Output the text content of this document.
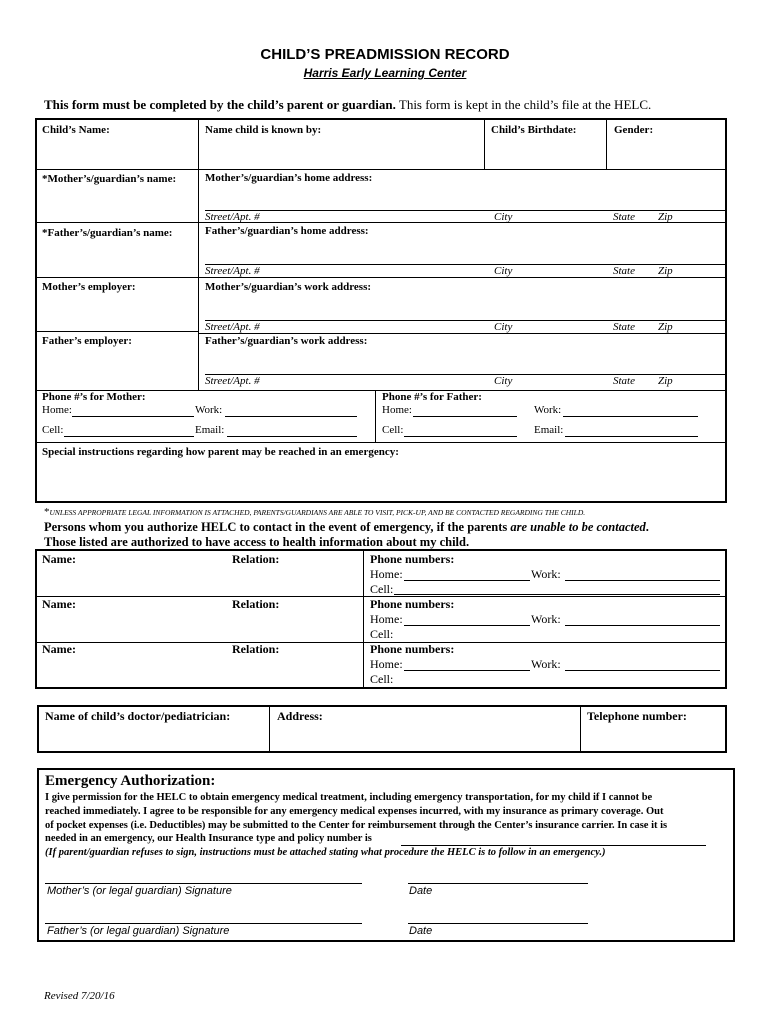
CHILD’S PREADMISSION RECORD
Harris Early Learning Center
This form must be completed by the child’s parent or guardian. This form is kept in the child’s file at the HELC.
Child’s Name:	Name child is known by:	Child’s Birthdate:	Gender:
*Mother’s/guardian’s name:	Mother’s/guardian’s home address:
Street/Apt. #	City	State Zip
*Father’s/guardian’s name:	Father’s/guardian’s home address:
Street/Apt. #	City	State Zip
Mother’s employer:	Mother’s/guardian’s work address:
Street/Apt. #	City	State Zip
Father’s employer:	Father’s/guardian’s work address:
Street/Apt. #	City	State Zip
Phone #’s for Mother:	Phone #’s for Father:
Home:	Work:	Home:	Work:
Cell:	Email:	Cell:	Email:
Special instructions regarding how parent may be reached in an emergency:
*UNLESS APPROPRIATE LEGAL INFORMATION IS ATTACHED, PARENTS/GUARDIANS ARE ABLE TO VISIT, PICK-UP, AND BE CONTACTED REGARDING THE CHILD.
Persons whom you authorize HELC to contact in the event of emergency, if the parents are unable to be contacted.
Those listed are authorized to have access to health information about my child.
Name:	Relation:	Phone numbers:
Home:	Work:
Cell:
Name:	Relation:	Phone numbers:
Home:	Work:
Cell:
Name:	Relation:	Phone numbers:
Home:	Work:
Cell:
Name of child’s doctor/pediatrician:	Address:	Telephone number:
Emergency Authorization:
I give permission for the HELC to obtain emergency medical treatment, including emergency transportation, for my child if I cannot be
reached immediately. I agree to be responsible for any emergency medical expenses incurred, with my insurance as primary coverage. Out
of pocket expenses (i.e. Deductibles) may be submitted to the Center for reimbursement through the Center’s insurance carrier. In case it is
needed in an emergency, our Health Insurance type and policy number is
(If parent/guardian refuses to sign, instructions must be attached stating what procedure the HELC is to follow in an emergency.)
Mother’s (or legal guardian) Signature	Date
Father’s (or legal guardian) Signature	Date
Revised 7/20/16
